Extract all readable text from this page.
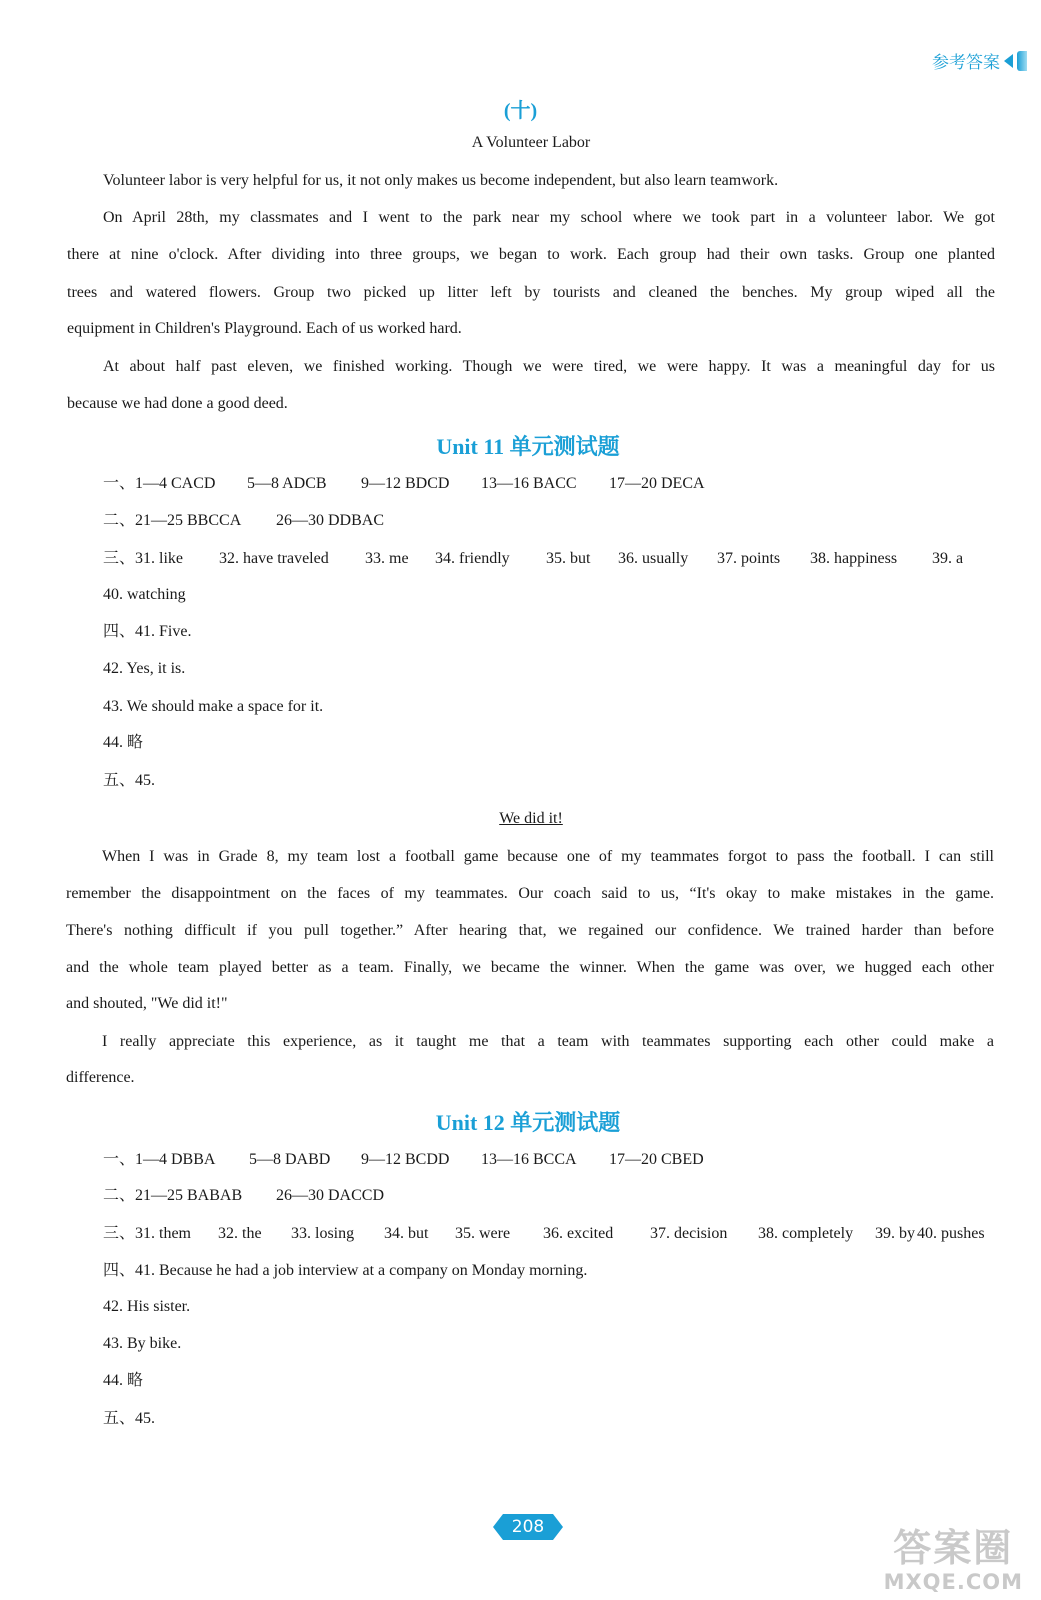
参考答案
(十)
A Volunteer Labor
Volunteer labor is very helpful for us, it not only makes us become independent, but also learn teamwork.
On April 28th, my classmates and I went to the park near my school where we took part in a volunteer labor. We got
there at nine o'clock. After dividing into three groups, we began to work. Each group had their own tasks. Group one planted
trees and watered flowers. Group two picked up litter left by tourists and cleaned the benches. My group wiped all the
equipment in Children's Playground. Each of us worked hard.
At about half past eleven, we finished working. Though we were tired, we were happy. It was a meaningful day for us
because we had done a good deed.
Unit 11 单元测试题
一、1—4 CACD 5—8 ADCB 9—12 BDCD 13—16 BACC 17—20 DECA
二、21—25 BBCCA 26—30 DDBAC
三、31. like 32. have traveled 33. me 34. friendly 35. but 36. usually 37. points 38. happiness 39. a
40. watching
四、41. Five.
42. Yes, it is.
43. We should make a space for it.
44. 略
五、45.
We did it!
When I was in Grade 8, my team lost a football game because one of my teammates forgot to pass the football. I can still
remember the disappointment on the faces of my teammates. Our coach said to us, “It's okay to make mistakes in the game.
There's nothing difficult if you pull together.” After hearing that, we regained our confidence. We trained harder than before
and the whole team played better as a team. Finally, we became the winner. When the game was over, we hugged each other
and shouted, "We did it!"
I really appreciate this experience, as it taught me that a team with teammates supporting each other could make a
difference.
Unit 12 单元测试题
一、1—4 DBBA 5—8 DABD 9—12 BCDD 13—16 BCCA 17—20 CBED
二、21—25 BABAB 26—30 DACCD
三、31. them 32. the 33. losing 34. but 35. were 36. excited 37. decision 38. completely 39. by 40. pushes
四、41. Because he had a job interview at a company on Monday morning.
42. His sister.
43. By bike.
44. 略
五、45.
208	答案圈
MXQE.COM
